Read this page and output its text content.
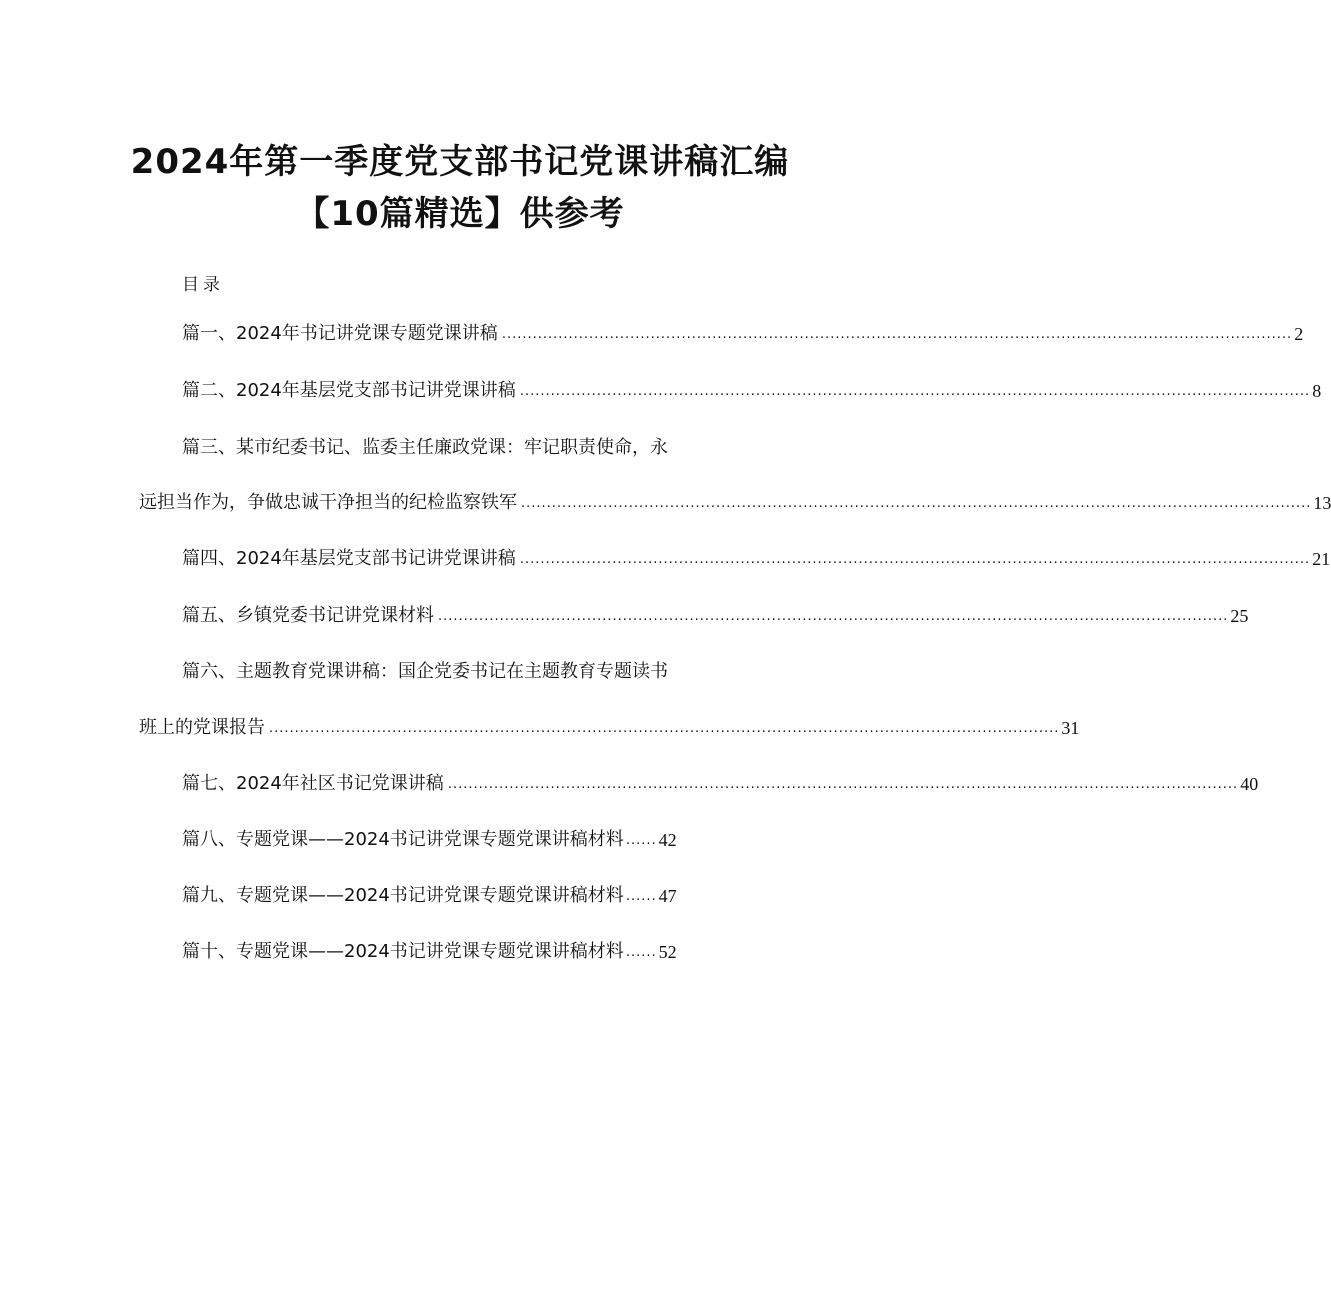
2024年第一季度党支部书记党课讲稿汇编
【10篇精选】供参考
目录
篇一、2024年书记讲党课专题党课讲稿 .......................................................................................................................................................... 2
篇二、2024年基层党支部书记讲党课讲稿 .......................................................................................................................................................... 8
篇三、某市纪委书记、监委主任廉政党课：牢记职责使命，永
远担当作为，争做忠诚干净担当的纪检监察铁军 .......................................................................................................................................................... 13
篇四、2024年基层党支部书记讲党课讲稿 .......................................................................................................................................................... 21
篇五、乡镇党委书记讲党课材料 .......................................................................................................................................................... 25
篇六、主题教育党课讲稿：国企党委书记在主题教育专题读书
班上的党课报告 .......................................................................................................................................................... 31
篇七、2024年社区书记党课讲稿 .......................................................................................................................................................... 40
篇八、专题党课——2024书记讲党课专题党课讲稿材料 ...... 42
篇九、专题党课——2024书记讲党课专题党课讲稿材料 ...... 47
篇十、专题党课——2024书记讲党课专题党课讲稿材料 ...... 52
